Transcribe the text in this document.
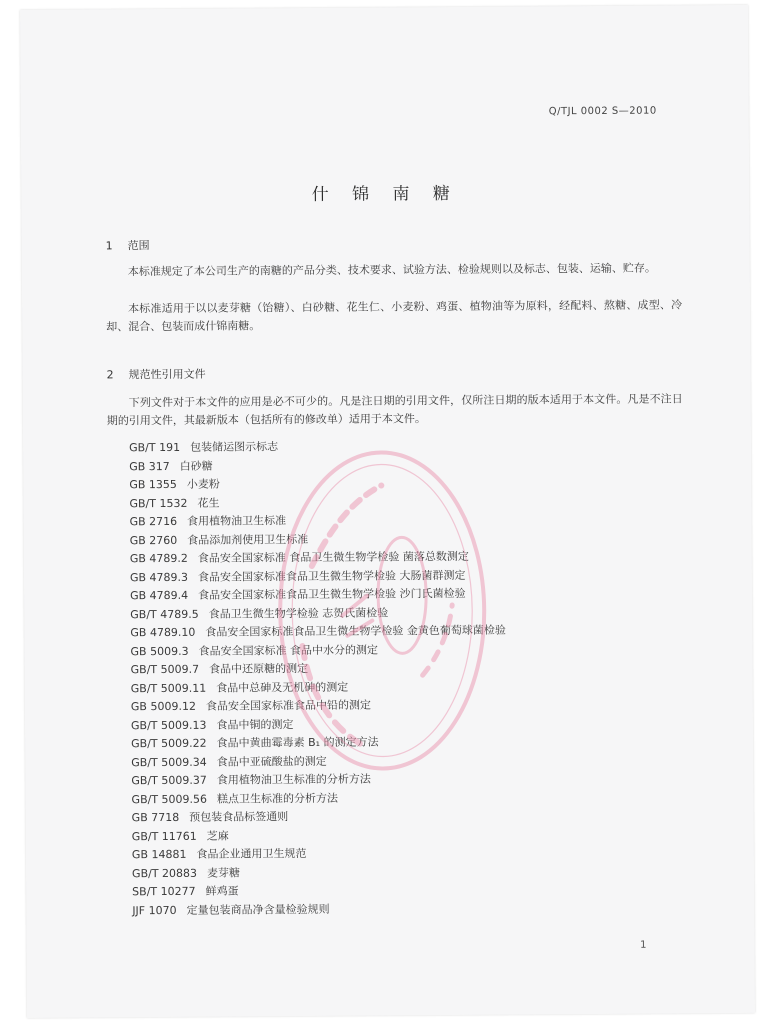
Q/TJL 0002 S—2010
什 锦 南 糖
1 范围

本标准规定了本公司生产的南糖的产品分类、技术要求、试验方法、检验规则以及标志、包装、运输、贮存。

本标准适用于以以麦芽糖（饴糖）、白砂糖、花生仁、小麦粉、鸡蛋、植物油等为原料，经配料、熬糖、成型、冷却、混合、包装而成什锦南糖。

2 规范性引用文件

下列文件对于本文件的应用是必不可少的。凡是注日期的引用文件，仅所注日期的版本适用于本文件。凡是不注日期的引用文件，其最新版本（包括所有的修改单）适用于本文件。

GB/T 191 包装储运图示标志
GB 317 白砂糖
GB 1355 小麦粉
GB/T 1532 花生
GB 2716 食用植物油卫生标准
GB 2760 食品添加剂使用卫生标准
GB 4789.2 食品安全国家标准 食品卫生微生物学检验 菌落总数测定
GB 4789.3 食品安全国家标准食品卫生微生物学检验 大肠菌群测定
GB 4789.4 食品安全国家标准食品卫生微生物学检验 沙门氏菌检验
GB/T 4789.5 食品卫生微生物学检验 志贺氏菌检验
GB 4789.10 食品安全国家标准食品卫生微生物学检验 金黄色葡萄球菌检验
GB 5009.3 食品安全国家标准 食品中水分的测定
GB/T 5009.7 食品中还原糖的测定
GB/T 5009.11 食品中总砷及无机砷的测定
GB 5009.12 食品安全国家标准食品中铅的测定
GB/T 5009.13 食品中铜的测定
GB/T 5009.22 食品中黄曲霉毒素 B₁ 的测定方法
GB/T 5009.34 食品中亚硫酸盐的测定
GB/T 5009.37 食用植物油卫生标准的分析方法
GB/T 5009.56 糕点卫生标准的分析方法
GB 7718 预包装食品标签通则
GB/T 11761 芝麻
GB 14881 食品企业通用卫生规范
GB/T 20883 麦芽糖
SB/T 10277 鲜鸡蛋
JJF 1070 定量包装商品净含量检验规则
1
